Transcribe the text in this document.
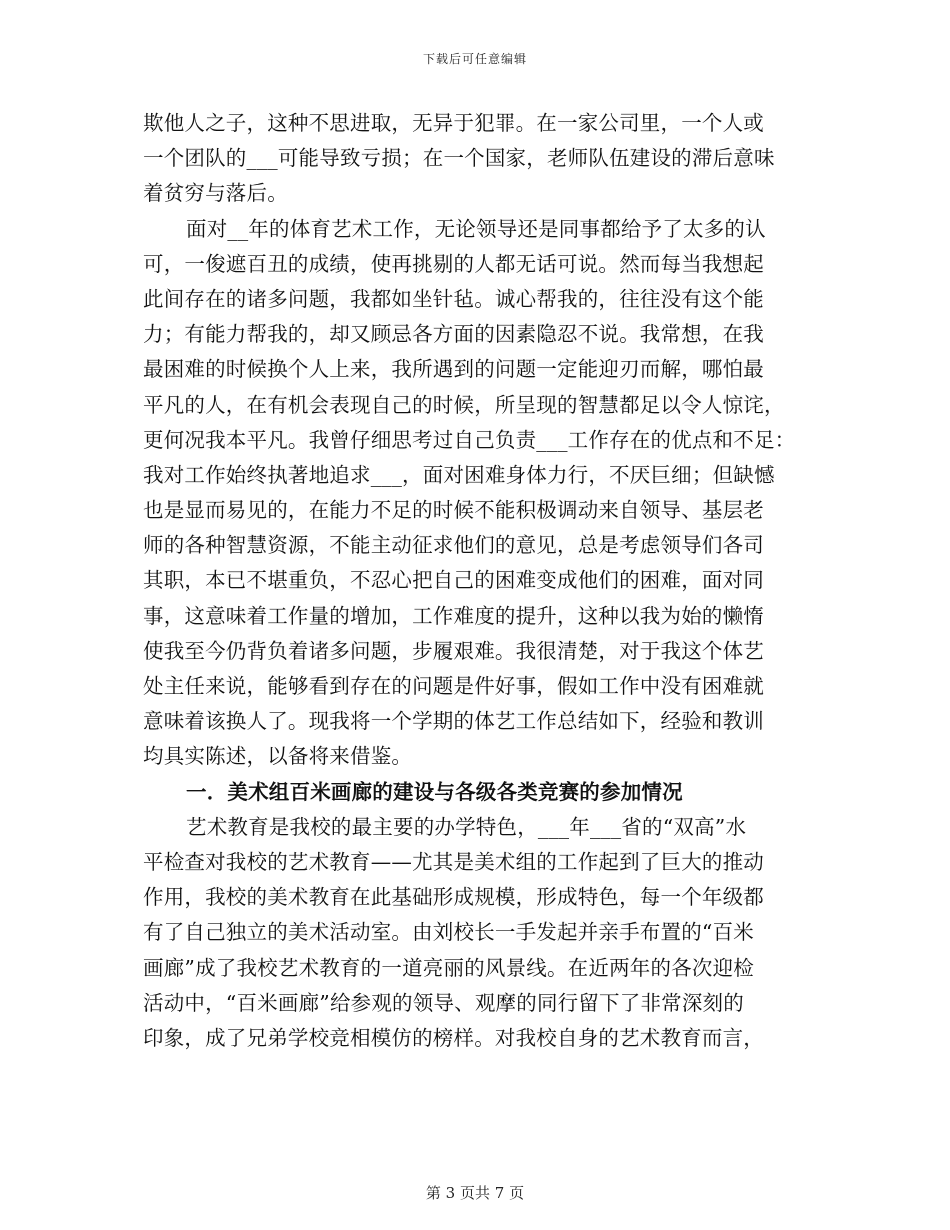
下载后可任意编辑
欺他人之子，这种不思进取，无异于犯罪。在一家公司里，一个人或
一个团队的___可能导致亏损；在一个国家，老师队伍建设的滞后意味
着贫穷与落后。
面对__年的体育艺术工作，无论领导还是同事都给予了太多的认
可，一俊遮百丑的成绩，使再挑剔的人都无话可说。然而每当我想起
此间存在的诸多问题，我都如坐针毡。诚心帮我的，往往没有这个能
力；有能力帮我的，却又顾忌各方面的因素隐忍不说。我常想，在我
最困难的时候换个人上来，我所遇到的问题一定能迎刃而解，哪怕最
平凡的人，在有机会表现自己的时候，所呈现的智慧都足以令人惊诧，
更何况我本平凡。我曾仔细思考过自己负责___工作存在的优点和不足：
我对工作始终执著地追求___，面对困难身体力行，不厌巨细；但缺憾
也是显而易见的，在能力不足的时候不能积极调动来自领导、基层老
师的各种智慧资源，不能主动征求他们的意见，总是考虑领导们各司
其职，本已不堪重负，不忍心把自己的困难变成他们的困难，面对同
事，这意味着工作量的增加，工作难度的提升，这种以我为始的懒惰
使我至今仍背负着诸多问题，步履艰难。我很清楚，对于我这个体艺
处主任来说，能够看到存在的问题是件好事，假如工作中没有困难就
意味着该换人了。现我将一个学期的体艺工作总结如下，经验和教训
均具实陈述，以备将来借鉴。
一．美术组百米画廊的建设与各级各类竞赛的参加情况
艺术教育是我校的最主要的办学特色，___年___省的“双高”水
平检查对我校的艺术教育——尤其是美术组的工作起到了巨大的推动
作用，我校的美术教育在此基础形成规模，形成特色，每一个年级都
有了自己独立的美术活动室。由刘校长一手发起并亲手布置的“百米
画廊”成了我校艺术教育的一道亮丽的风景线。在近两年的各次迎检
活动中，“百米画廊”给参观的领导、观摩的同行留下了非常深刻的
印象，成了兄弟学校竞相模仿的榜样。对我校自身的艺术教育而言，
第 3 页共 7 页
